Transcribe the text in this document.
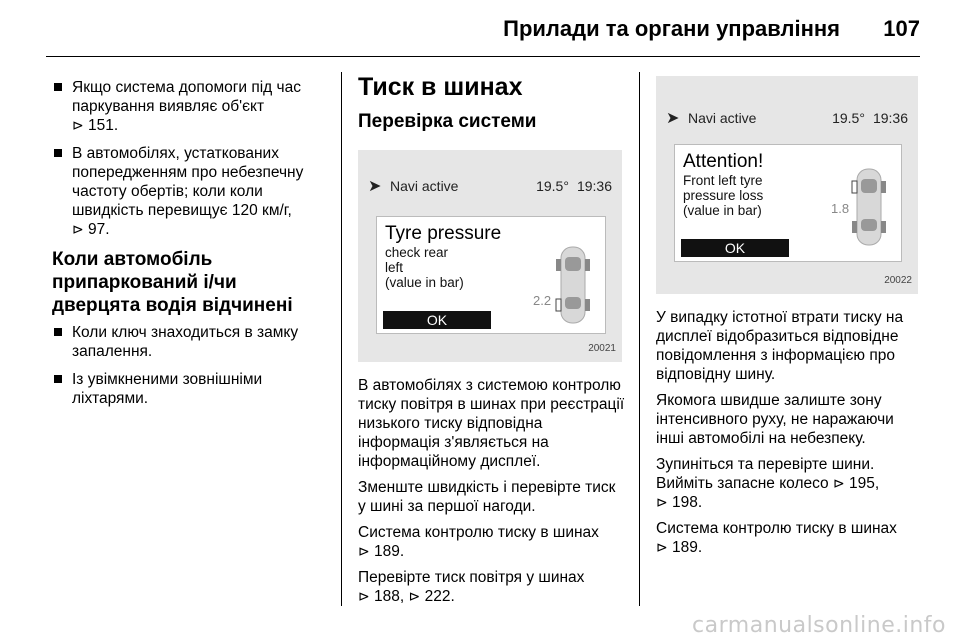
Прилади та органи управління 107
Якщо система допомоги під час паркування виявляє об'єкт
⊳ 151.
В автомобілях, устаткованих попередженням про небезпечну частоту обертів; коли коли швидкість перевищує 120 км/г,
⊳ 97.
Коли автомобіль припаркований і/чи дверцята водія відчинені
Коли ключ знаходиться в замку запалення.
Із увімкненими зовнішніми ліхтарями.
Тиск в шинах
Перевірка системи
➤ Navi active	19.5° 19:36
Tyre pressure
check rear
left
(value in bar)
2.2
OK
20021

В автомобілях з системою контролю тиску повітря в шинах при реєстрації низького тиску відповідна інформація з'являється на інформаційному дисплеї.

Зменште швидкість і перевірте тиск у шині за першої нагоди.

Система контролю тиску в шинах
⊳ 189.

Перевірте тиск повітря у шинах
⊳ 188, ⊳ 222.

➤ Navi active	19.5° 19:36
Attention!
Front left tyre
pressure loss
(value in bar)	1.8
OK
20022

У випадку істотної втрати тиску на дисплеї відобразиться відповідне повідомлення з інформацією про відповідну шину.

Якомога швидше залиште зону інтенсивного руху, не наражаючи інші автомобілі на небезпеку.

Зупиніться та перевірте шини. Вийміть запасне колесо ⊳ 195,
⊳ 198.

Система контролю тиску в шинах
⊳ 189.

carmanualsonline.info
